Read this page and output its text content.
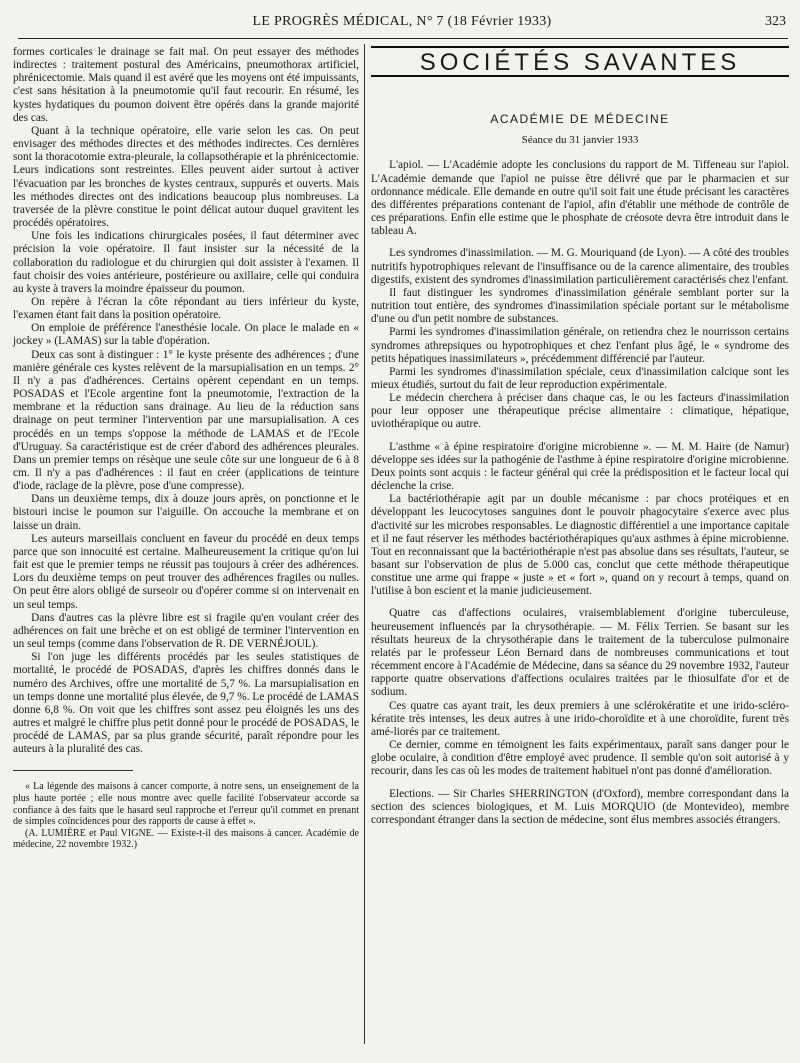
LE PROGRÈS MÉDICAL, N° 7 (18 Février 1933)	323

formes corticales le drainage se fait mal. On peut essayer des méthodes indirectes : traitement postural des Américains, pneumothorax artificiel, phrénicectomie. Mais quand il est avéré que les moyens ont été impuissants, c'est sans hésitation à la pneumotomie qu'il faut recourir. En résumé, les kystes hydatiques du poumon doivent être opérés dans la grande majorité des cas.

Quant à la technique opératoire, elle varie selon les cas. On peut envisager des méthodes directes et des méthodes indirectes. Ces dernières sont la thoracotomie extra-pleurale, la collapsothérapie et la phrénicectomie. Leurs indications sont restreintes. Elles peuvent aider surtout à activer l'évacuation par les bronches de kystes centraux, suppurés et ouverts. Mais les méthodes directes ont des indications beaucoup plus nombreuses. La traversée de la plèvre constitue le point délicat autour duquel gravitent les procédés opératoires.

Une fois les indications chirurgicales posées, il faut déterminer avec précision la voie opératoire. Il faut insister sur la nécessité de la collaboration du radiologue et du chirurgien qui doit assister à l'examen. Il faut choisir des voies antérieure, postérieure ou axillaire, celle qui conduira au kyste à travers la moindre épaisseur du poumon.

On repère à l'écran la côte répondant au tiers inférieur du kyste, l'examen étant fait dans la position opératoire.

On emploie de préférence l'anesthésie locale. On place le malade en « jockey » (LAMAS) sur la table d'opération.

Deux cas sont à distinguer : 1° le kyste présente des adhérences ; d'une manière générale ces kystes relèvent de la marsupialisation en un temps. 2° Il n'y a pas d'adhérences. Certains opèrent cependant en un temps. POSADAS et l'Ecole argentine font la pneumotomie, l'extraction de la membrane et la réduction sans drainage. Au lieu de la réduction sans drainage on peut terminer l'intervention par une marsupialisation. A ces procédés en un temps s'oppose la méthode de LAMAS et de l'Ecole d'Uruguay. Sa caractéristique est de créer d'abord des adhérences pleurales. Dans un premier temps on résèque une seule côte sur une longueur de 6 à 8 cm. Il n'y a pas d'adhérences : il faut en créer (applications de teinture d'iode, raclage de la plèvre, pose d'une compresse).

Dans un deuxième temps, dix à douze jours après, on ponctionne et le bistouri incise le poumon sur l'aiguille. On accouche la membrane et on laisse un drain.

Les auteurs marseillais concluent en faveur du procédé en deux temps parce que son innocuité est certaine. Malheureusement la critique qu'on lui fait est que le premier temps ne réussit pas toujours à créer des adhérences. Lors du deuxième temps on peut trouver des adhérences fragiles ou nulles. On peut être alors obligé de surseoir ou d'opérer comme si on intervenait en un seul temps.

Dans d'autres cas la plèvre libre est si fragile qu'en voulant créer des adhérences on fait une brèche et on est obligé de terminer l'intervention en un seul temps (comme dans l'observation de R. DE VERNÉJOUL).

Si l'on juge les différents procédés par les seules statistiques de mortalité, le procédé de POSADAS, d'après les chiffres donnés dans le numéro des Archives, offre une mortalité de 5,7 %. La marsupialisation en un temps donne une mortalité plus élevée, de 9,7 %. Le procédé de LAMAS donne 6,8 %. On voit que les chiffres sont assez peu éloignés les uns des autres et malgré le chiffre plus petit donné pour le procédé de POSADAS, le procédé de LAMAS, par sa plus grande sécurité, paraît répondre pour les auteurs à la pluralité des cas.

« La légende des maisons à cancer comporte, à notre sens, un enseignement de la plus haute portée ; elle nous montre avec quelle facilité l'observateur accorde sa confiance à des faits que le hasard seul rapproche et l'erreur qu'il commet en prenant de simples coïncidences pour des rapports de cause à effet ».

(A. LUMIÈRE et Paul VIGNE. — Existe-t-il des maisons à cancer. Académie de médecine, 22 novembre 1932.)

SOCIÉTÉS SAVANTES
ACADÉMIE DE MÉDECINE
Séance du 31 janvier 1933

L'apiol. — L'Académie adopte les conclusions du rapport de M. Tiffeneau sur l'apiol. L'Académie demande que l'apiol ne puisse être délivré que par le pharmacien et sur ordonnance médicale. Elle demande en outre qu'il soit fait une étude précisant les caractères des différentes préparations contenant de l'apiol, afin d'établir une méthode de contrôle de ces préparations. Enfin elle estime que le phosphate de créosote devra être introduit dans le tableau A.

Les syndromes d'inassimilation. — M. G. Mouriquand (de Lyon). — A côté des troubles nutritifs hypotrophiques relevant de l'insuffisance ou de la carence alimentaire, des troubles digestifs, existent des syndromes d'inassimilation particulièrement caractérisés chez l'enfant.

Il faut distinguer les syndromes d'inassimilation générale semblant porter sur la nutrition tout entière, des syndromes d'inassimilation spéciale portant sur le métabolisme d'une ou d'un petit nombre de substances.

Parmi les syndromes d'inassimilation générale, on retiendra chez le nourrisson certains syndromes athrepsiques ou hypotrophiques et chez l'enfant plus âgé, le « syndrome des petits hépatiques inassimilateurs », précédemment différencié par l'auteur.

Parmi les syndromes d'inassimilation spéciale, ceux d'inassimilation calcique sont les mieux étudiés, surtout du fait de leur reproduction expérimentale.

Le médecin cherchera à préciser dans chaque cas, le ou les facteurs d'inassimilation pour leur opposer une thérapeutique précise alimentaire : climatique, hépatique, uviothérapique ou autre.

L'asthme « à épine respiratoire d'origine microbienne ». — M. M. Haire (de Namur) développe ses idées sur la pathogénie de l'asthme à épine respiratoire d'origine microbienne. Deux points sont acquis : le facteur général qui crée la prédisposition et le facteur local qui déclenche la crise.

La bactériothérapie agit par un double mécanisme : par chocs protéiques et en développant les leucocytoses sanguines dont le pouvoir phagocytaire s'exerce avec plus d'activité sur les microbes responsables. Le diagnostic différentiel a une importance capitale et il ne faut réserver les méthodes bactériothérapiques qu'aux asthmes à épine microbienne. Tout en reconnaissant que la bactériothérapie n'est pas absolue dans ses résultats, l'auteur, se basant sur l'observation de plus de 5.000 cas, conclut que cette méthode thérapeutique constitue une arme qui frappe « juste » et « fort », quand on y recourt à temps, quand on l'utilise à bon escient et la manie judicieusement.

Quatre cas d'affections oculaires, vraisemblablement d'origine tuberculeuse, heureusement influencés par la chrysothérapie. — M. Félix Terrien. Se basant sur les résultats heureux de la chrysothérapie dans le traitement de la tuberculose pulmonaire relatés par le professeur Léon Bernard dans de nombreuses communications et tout récemment encore à l'Académie de Médecine, dans sa séance du 29 novembre 1932, l'auteur rapporte quatre observations d'affections oculaires traitées par le thiosulfate d'or et de sodium.

Ces quatre cas ayant trait, les deux premiers à une sclérokératite et une irido-scléro-kératite très intenses, les deux autres à une irido-choroïdite et à une choroïdite, furent très amé-liorés par ce traitement.

Ce dernier, comme en témoignent les faits expérimentaux, paraît sans danger pour le globe oculaire, à condition d'être employé avec prudence. Il semble qu'on soit autorisé à y recourir, dans les cas où les modes de traitement habituel n'ont pas donné d'amélioration.

Elections. — Sir Charles SHERRINGTON (d'Oxford), membre correspondant dans la section des sciences biologiques, et M. Luis MORQUIO (de Montevideo), membre correspondant étranger dans la section de médecine, sont élus membres associés étrangers.
